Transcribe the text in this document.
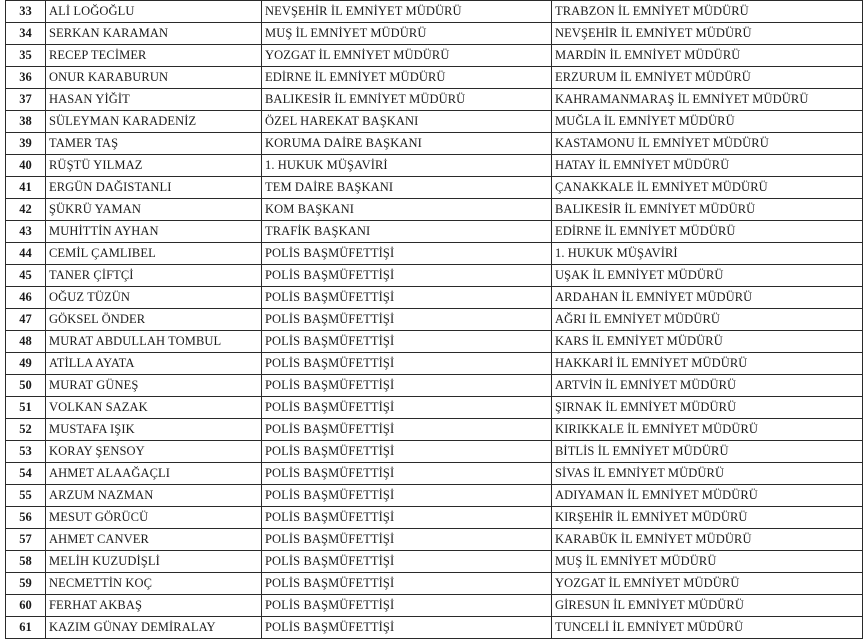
33	ALİ LOĞOĞLU	NEVŞEHİR İL EMNİYET MÜDÜRÜ	TRABZON İL EMNİYET MÜDÜRÜ
34	SERKAN KARAMAN	MUŞ İL EMNİYET MÜDÜRÜ	NEVŞEHİR İL EMNİYET MÜDÜRÜ
35	RECEP TECİMER	YOZGAT İL EMNİYET MÜDÜRÜ	MARDİN İL EMNİYET MÜDÜRÜ
36	ONUR KARABURUN	EDİRNE İL EMNİYET MÜDÜRÜ	ERZURUM İL EMNİYET MÜDÜRÜ
37	HASAN YİĞİT	BALIKESİR İL EMNİYET MÜDÜRÜ	KAHRAMANMARAŞ İL EMNİYET MÜDÜRÜ
38	SÜLEYMAN KARADENİZ	ÖZEL HAREKAT BAŞKANI	MUĞLA İL EMNİYET MÜDÜRÜ
39	TAMER TAŞ	KORUMA DAİRE BAŞKANI	KASTAMONU İL EMNİYET MÜDÜRÜ
40	RÜŞTÜ YILMAZ	1. HUKUK MÜŞAVİRİ	HATAY İL EMNİYET MÜDÜRÜ
41	ERGÜN DAĞISTANLI	TEM DAİRE BAŞKANI	ÇANAKKALE İL EMNİYET MÜDÜRÜ
42	ŞÜKRÜ YAMAN	KOM BAŞKANI	BALIKESİR İL EMNİYET MÜDÜRÜ
43	MUHİTTİN AYHAN	TRAFİK BAŞKANI	EDİRNE İL EMNİYET MÜDÜRÜ
44	CEMİL ÇAMLIBEL	POLİS BAŞMÜFETTİŞİ	1. HUKUK MÜŞAVİRİ
45	TANER ÇİFTÇİ	POLİS BAŞMÜFETTİŞİ	UŞAK İL EMNİYET MÜDÜRÜ
46	OĞUZ TÜZÜN	POLİS BAŞMÜFETTİŞİ	ARDAHAN İL EMNİYET MÜDÜRÜ
47	GÖKSEL ÖNDER	POLİS BAŞMÜFETTİŞİ	AĞRI İL EMNİYET MÜDÜRÜ
48	MURAT ABDULLAH TOMBUL	POLİS BAŞMÜFETTİŞİ	KARS İL EMNİYET MÜDÜRÜ
49	ATİLLA AYATA	POLİS BAŞMÜFETTİŞİ	HAKKARİ İL EMNİYET MÜDÜRÜ
50	MURAT GÜNEŞ	POLİS BAŞMÜFETTİŞİ	ARTVİN İL EMNİYET MÜDÜRÜ
51	VOLKAN SAZAK	POLİS BAŞMÜFETTİŞİ	ŞIRNAK İL EMNİYET MÜDÜRÜ
52	MUSTAFA IŞIK	POLİS BAŞMÜFETTİŞİ	KIRIKKALE İL EMNİYET MÜDÜRÜ
53	KORAY ŞENSOY	POLİS BAŞMÜFETTİŞİ	BİTLİS İL EMNİYET MÜDÜRÜ
54	AHMET ALAAĞAÇLI	POLİS BAŞMÜFETTİŞİ	SİVAS İL EMNİYET MÜDÜRÜ
55	ARZUM NAZMAN	POLİS BAŞMÜFETTİŞİ	ADIYAMAN İL EMNİYET MÜDÜRÜ
56	MESUT GÖRÜCÜ	POLİS BAŞMÜFETTİŞİ	KIRŞEHİR İL EMNİYET MÜDÜRÜ
57	AHMET CANVER	POLİS BAŞMÜFETTİŞİ	KARABÜK İL EMNİYET MÜDÜRÜ
58	MELİH KUZUDİŞLİ	POLİS BAŞMÜFETTİŞİ	MUŞ İL EMNİYET MÜDÜRÜ
59	NECMETTİN KOÇ	POLİS BAŞMÜFETTİŞİ	YOZGAT İL EMNİYET MÜDÜRÜ
60	FERHAT AKBAŞ	POLİS BAŞMÜFETTİŞİ	GİRESUN İL EMNİYET MÜDÜRÜ
61	KAZIM GÜNAY DEMİRALAY	POLİS BAŞMÜFETTİŞİ	TUNCELİ İL EMNİYET MÜDÜRÜ
